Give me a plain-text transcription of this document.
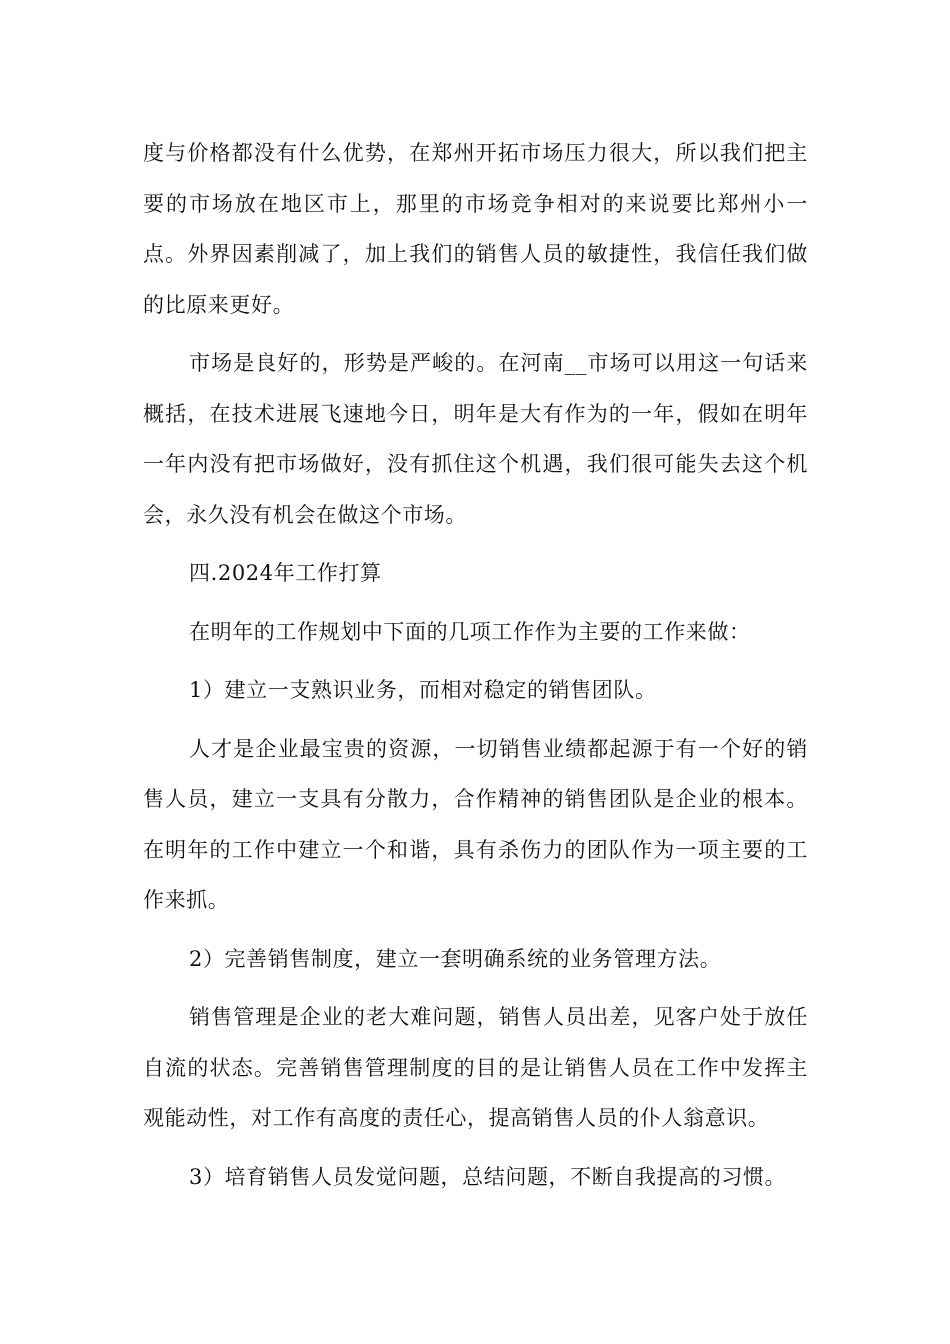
度与价格都没有什么优势，在郑州开拓市场压力很大，所以我们把主要的市场放在地区市上，那里的市场竞争相对的来说要比郑州小一点。外界因素削减了，加上我们的销售人员的敏捷性，我信任我们做的比原来更好。

市场是良好的，形势是严峻的。在河南__市场可以用这一句话来概括，在技术进展飞速地今日，明年是大有作为的一年，假如在明年一年内没有把市场做好，没有抓住这个机遇，我们很可能失去这个机会，永久没有机会在做这个市场。

四.2024年工作打算

在明年的工作规划中下面的几项工作作为主要的工作来做：

1）建立一支熟识业务，而相对稳定的销售团队。

人才是企业最宝贵的资源，一切销售业绩都起源于有一个好的销售人员，建立一支具有分散力，合作精神的销售团队是企业的根本。在明年的工作中建立一个和谐，具有杀伤力的团队作为一项主要的工作来抓。

2）完善销售制度，建立一套明确系统的业务管理方法。

销售管理是企业的老大难问题，销售人员出差，见客户处于放任自流的状态。完善销售管理制度的目的是让销售人员在工作中发挥主观能动性，对工作有高度的责任心，提高销售人员的仆人翁意识。

3）培育销售人员发觉问题，总结问题，不断自我提高的习惯。
